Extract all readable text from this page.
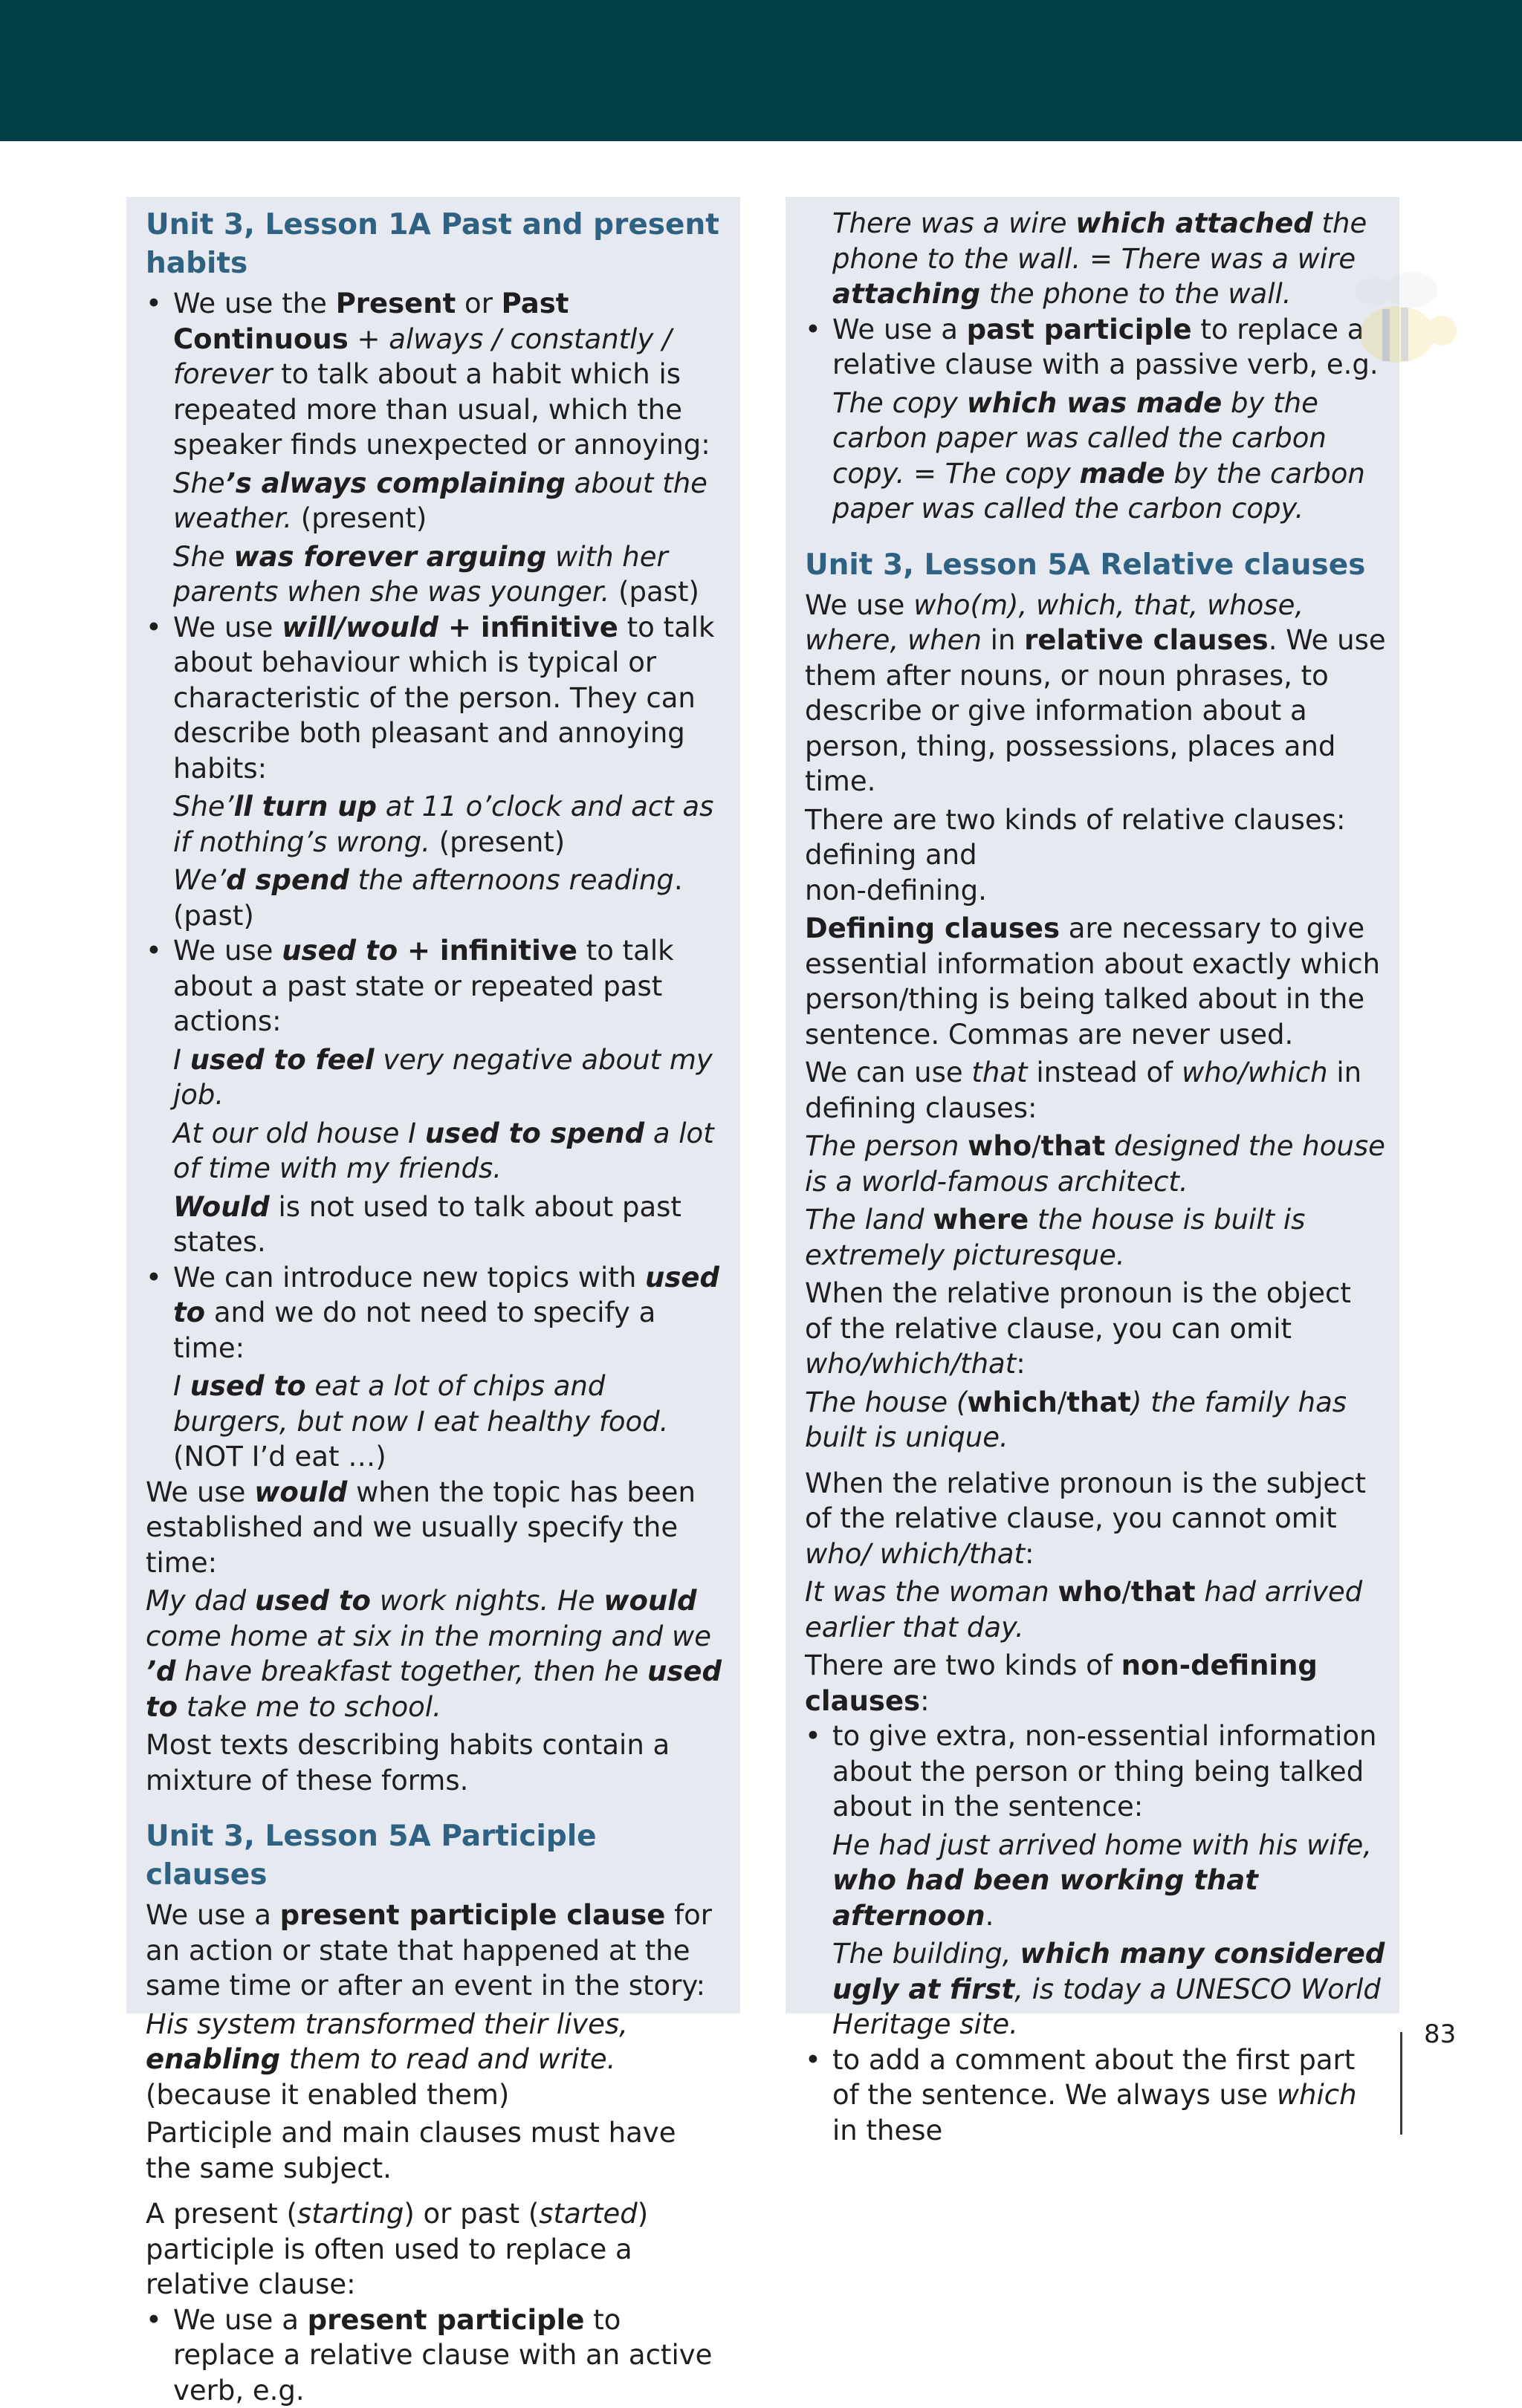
Unit 3, Lesson 1A Past and present habits

• We use the Present or Past Continuous + always / constantly / forever to talk about a habit which is repeated more than usual, which the speaker finds unexpected or annoying:

She’s always complaining about the weather. (present)

She was forever arguing with her parents when she was younger. (past)

• We use will/would + infinitive to talk about behaviour which is typical or characteristic of the person. They can describe both pleasant and annoying habits:

She’ll turn up at 11 o’clock and act as if nothing’s wrong. (present)

We’d spend the afternoons reading. (past)

• We use used to + infinitive to talk about a past state or repeated past actions:

I used to feel very negative about my job.

At our old house I used to spend a lot of time with my friends.

Would is not used to talk about past states.

• We can introduce new topics with used to and we do not need to specify a time:

I used to eat a lot of chips and burgers, but now I eat healthy food. (NOT I’d eat …)

We use would when the topic has been established and we usually specify the time:

My dad used to work nights. He would come home at six in the morning and we ’d have breakfast together, then he used to take me to school.

Most texts describing habits contain a mixture of these forms.

Unit 3, Lesson 5A Participle clauses

We use a present participle clause for an action or state that happened at the same time or after an event in the story:

His system transformed their lives, enabling them to read and write. (because it enabled them)

Participle and main clauses must have the same subject.

A present (starting) or past (started) participle is often used to replace a relative clause:

• We use a present participle to replace a relative clause with an active verb, e.g.

There was a wire which attached the phone to the wall. = There was a wire attaching the phone to the wall.

• We use a past participle to replace a relative clause with a passive verb, e.g.

The copy which was made by the carbon paper was called the carbon copy. = The copy made by the carbon paper was called the carbon copy.

Unit 3, Lesson 5A Relative clauses

We use who(m), which, that, whose, where, when in relative clauses. We use them after nouns, or noun phrases, to describe or give information about a person, thing, possessions, places and time.

There are two kinds of relative clauses:

defining and

non-defining.

Defining clauses are necessary to give essential information about exactly which person/thing is being talked about in the sentence. Commas are never used.

We can use that instead of who/which in defining clauses:

The person who/that designed the house is a world-famous architect.

The land where the house is built is extremely picturesque.

When the relative pronoun is the object of the relative clause, you can omit who/which/that:

The house (which/that) the family has built is unique.

When the relative pronoun is the subject of the relative clause, you cannot omit who/ which/that:

It was the woman who/that had arrived earlier that day.

There are two kinds of non-defining clauses:

• to give extra, non-essential information about the person or thing being talked about in the sentence:

He had just arrived home with his wife, who had been working that afternoon.

The building, which many considered ugly at first, is today a UNESCO World Heritage site.

• to add a comment about the first part of the sentence. We always use which in these

83
